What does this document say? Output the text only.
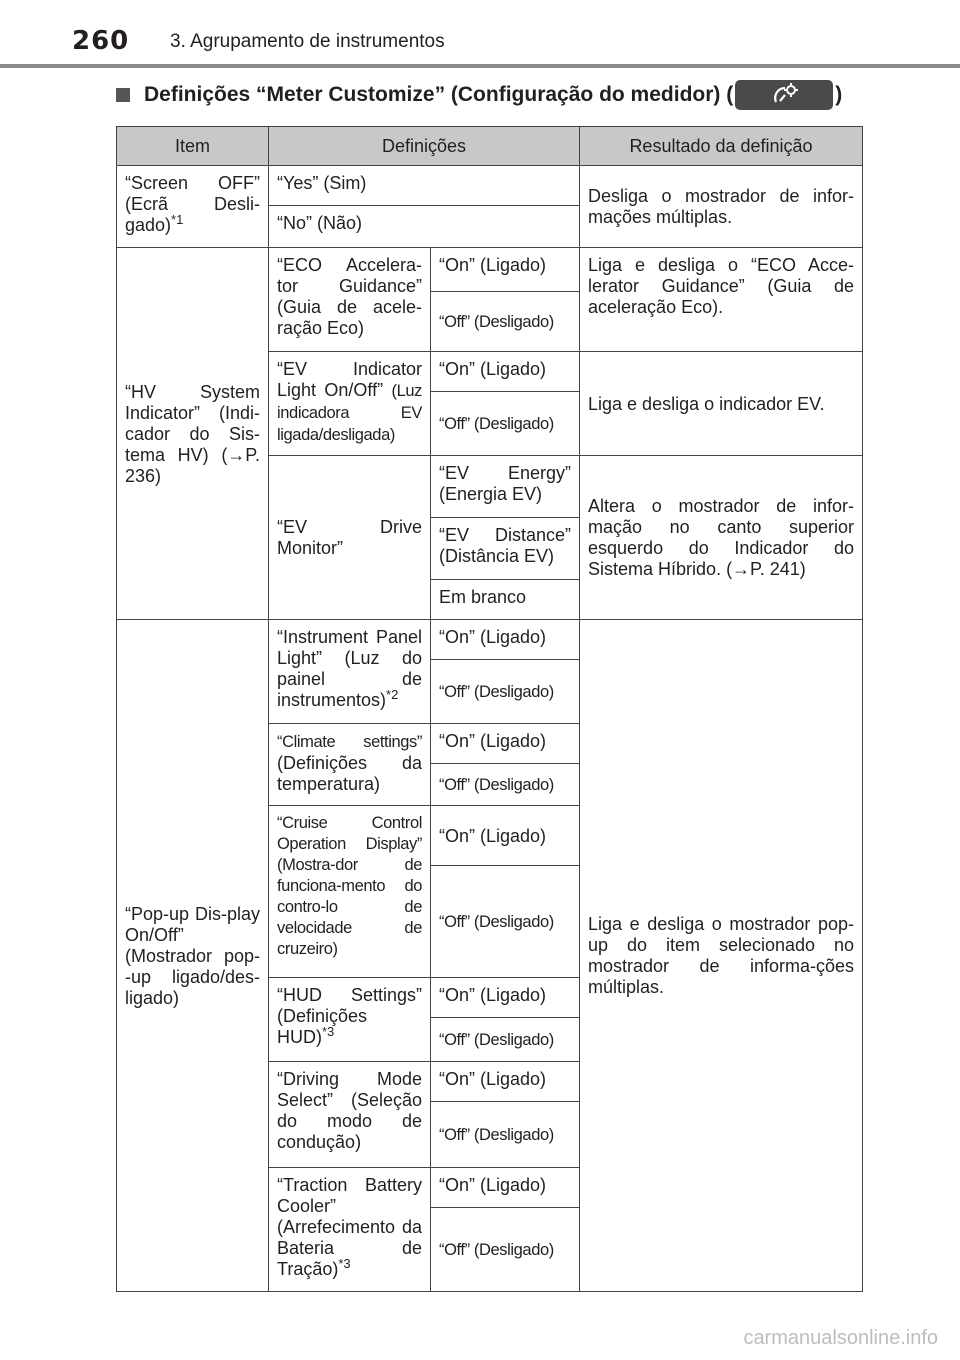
260 3. Agrupamento de instrumentos
Definições “Meter Customize” (Configuração do medidor) (	)
Item	Definições		Resultado da definição
“Screen OFF” (Ecrã Desli-gado)$^{*1}$	“Yes” (Sim)		Desliga o mostrador de infor-mações múltiplas.
	“No” (Não)		
“HV System Indicator” (Indi-cador do Sis-tema HV) (→P. 236)	“ECO Accelera-tor Guidance” (Guia de acele-ração Eco)	“On” (Ligado)	Liga e desliga o “ECO Acce-lerator Guidance” (Guia de aceleração Eco).
		“Off” (Desligado)	
	“EV Indicator Light On/Off” (Luz indicadora EV ligada/desligada)	“On” (Ligado)	Liga e desliga o indicador EV.
		“Off” (Desligado)	
	“EV Drive Monitor”	“EV Energy” (Energia EV)	Altera o mostrador de infor-mação no canto superior esquerdo do Indicador do Sistema Híbrido. (→P. 241)
		“EV Distance” (Distância EV)	
		Em branco	
“Pop-up Dis-play On/Off” (Mostrador pop- -up ligado/des-ligado)	“Instrument Panel Light” (Luz do painel de instrumentos)$^{*2}$	“On” (Ligado)	Liga e desliga o mostrador pop-up do item selecionado no mostrador de informa-ções múltiplas.
		“Off” (Desligado)	
	“Climate settings” (Definições da temperatura)	“On” (Ligado)	
		“Off” (Desligado)	
	“Cruise Control Operation Display” (Mostra-dor de funciona-mento do contro-lo de velocidade de cruzeiro)	“On” (Ligado)	
		“Off” (Desligado)	
	“HUD Settings” (Definições HUD)$^{*3}$	“On” (Ligado)	
		“Off” (Desligado)	
	“Driving Mode Select” (Seleção do modo de condução)	“On” (Ligado)	
		“Off” (Desligado)	
	“Traction Battery Cooler” (Arrefecimento da Bateria de Tração)$^{*3}$	“On” (Ligado)	
		“Off” (Desligado)	
carmanualsonline.info
